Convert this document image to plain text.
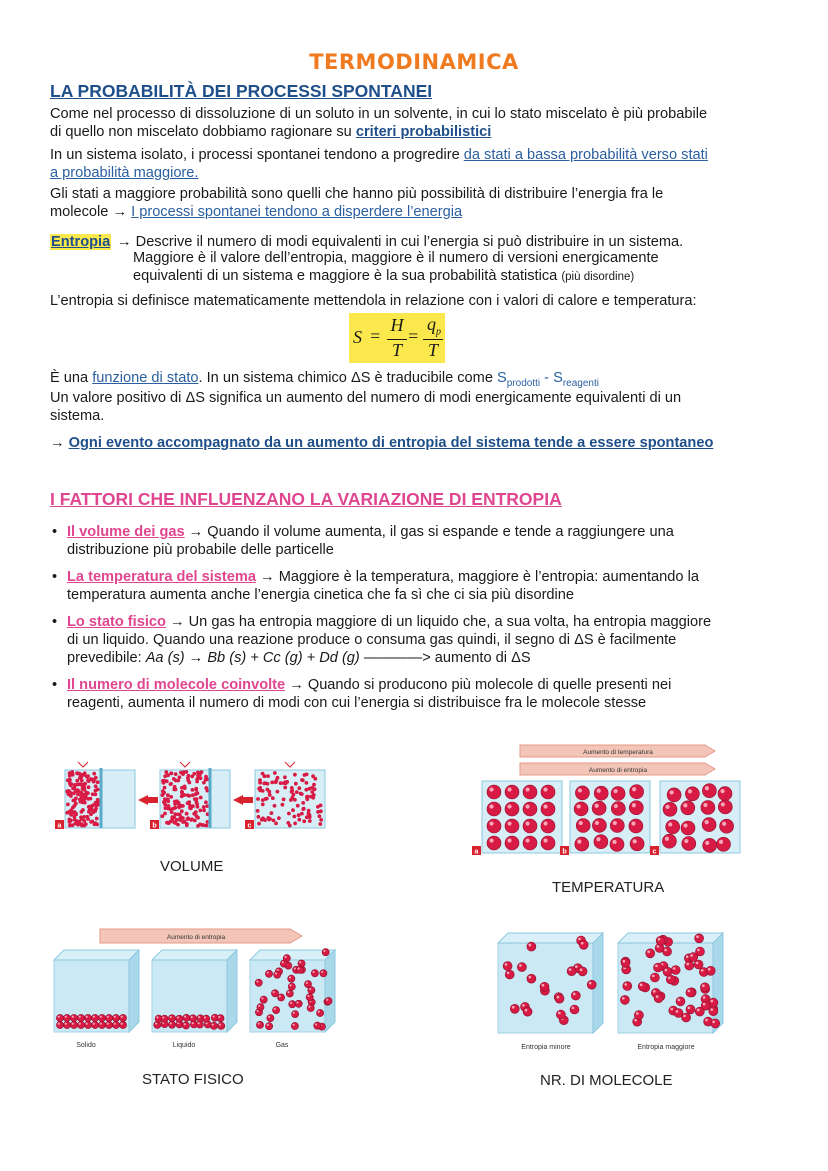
TERMODINAMICA
LA PROBABILITÀ DEI PROCESSI SPONTANEI
Come nel processo di dissoluzione di un soluto in un solvente, in cui lo stato miscelato è più probabile
di quello non miscelato dobbiamo ragionare su criteri probabilistici
In un sistema isolato, i processi spontanei tendono a progredire da stati a bassa probabilità verso stati
a probabilità maggiore.
Gli stati a maggiore probabilità sono quelli che hanno più possibilità di distribuire l’energia fra le
molecole → I processi spontanei tendono a disperdere l’energia
Entropia → Descrive il numero di modi equivalenti in cui l’energia si può distribuire in un sistema.
Maggiore è il valore dell’entropia, maggiore è il numero di versioni energicamente
equivalenti di un sistema e maggiore è la sua probabilità statistica (più disordine)
L’entropia si definisce matematicamente mettendola in relazione con i valori di calore e temperatura:
S =
H
T
=
$q_p$
T
È una funzione di stato. In un sistema chimico ΔS è traducibile come $S_{prodotti} - S_{reagenti}$
Un valore positivo di ΔS significa un aumento del numero di modi energicamente equivalenti di un
sistema.
→ Ogni evento accompagnato da un aumento di entropia del sistema tende a essere spontaneo
I FATTORI CHE INFLUENZANO LA VARIAZIONE DI ENTROPIA
• Il volume dei gas → Quando il volume aumenta, il gas si espande e tende a raggiungere una
distribuzione più probabile delle particelle
• La temperatura del sistema → Maggiore è la temperatura, maggiore è l’entropia: aumentando la
temperatura aumenta anche l’energia cinetica che fa sì che ci sia più disordine
• Lo stato fisico → Un gas ha entropia maggiore di un liquido che, a sua volta, ha entropia maggiore
di un liquido. Quando una reazione produce o consuma gas quindi, il segno di ΔS è facilmente
prevedibile: Aa (s) → Bb (s) + Cc (g) + Dd (g) ————> aumento di ΔS
• Il numero di molecole coinvolte → Quando si producono più molecole di quelle presenti nei
reagenti, aumenta il numero di modi con cui l’energia si distribuisce fra le molecole stesse
a	b	c
VOLUME
Aumento di temperatura
Aumento di entropia
a	b	c
TEMPERATURA
Aumento di entropia
Solido	Liquido	Gas
STATO FISICO
Entropia minore	Entropia maggiore
NR. DI MOLECOLE
